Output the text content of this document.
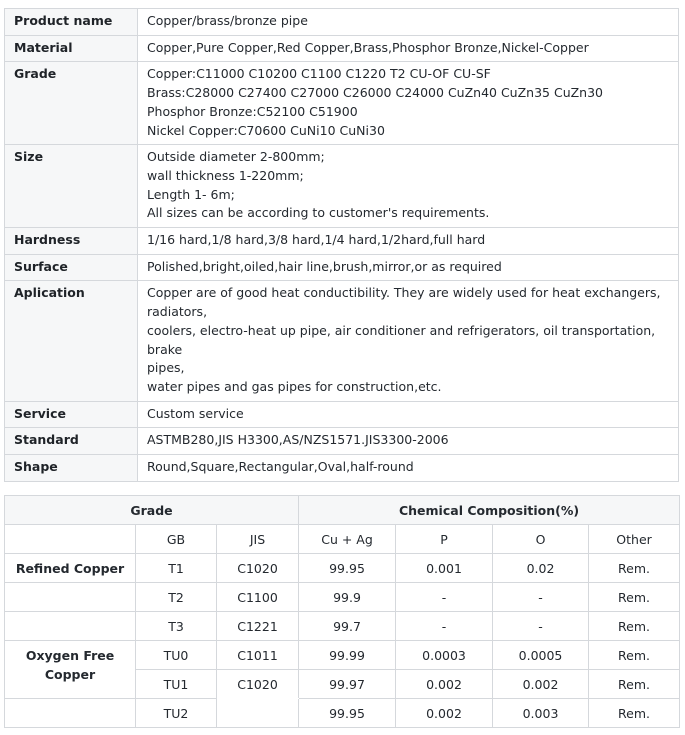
Product name	Copper/brass/bronze pipe

Material	Copper,Pure Copper,Red Copper,Brass,Phosphor Bronze,Nickel-Copper

Grade	Copper:C11000 C10200 C1100 C1220 T2 CU-OF CU-SF
Brass:C28000 C27400 C27000 C26000 C24000 CuZn40 CuZn35 CuZn30
Phosphor Bronze:C52100 C51900
Nickel Copper:C70600 CuNi10 CuNi30

Size	Outside diameter 2-800mm;
wall thickness 1-220mm;
Length 1- 6m;
All sizes can be according to customer's requirements.

Hardness	1/16 hard,1/8 hard,3/8 hard,1/4 hard,1/2hard,full hard

Surface	Polished,bright,oiled,hair line,brush,mirror,or as required

Aplication	Copper are of good heat conductibility. They are widely used for heat exchangers,
radiators,
coolers, electro-heat up pipe, air conditioner and refrigerators, oil transportation, brake
pipes,
water pipes and gas pipes for construction,etc.

Service	Custom service

Standard	ASTMB280,JIS H3300,AS/NZS1571.JIS3300-2006

Shape	Round,Square,Rectangular,Oval,half-round
Grade			Chemical Composition(%)			
	GB	JIS	Cu + Ag	P	O	Other
Refined Copper	T1	C1020	99.95	0.001	0.02	Rem.
	T2	C1100	99.9	-	-	Rem.
	T3	C1221	99.7	-	-	Rem.
Oxygen Free Copper	TU0	C1011	99.99	0.0003	0.0005	Rem.
	TU1	C1020	99.97	0.002	0.002	Rem.
	TU2		99.95	0.002	0.003	Rem.
